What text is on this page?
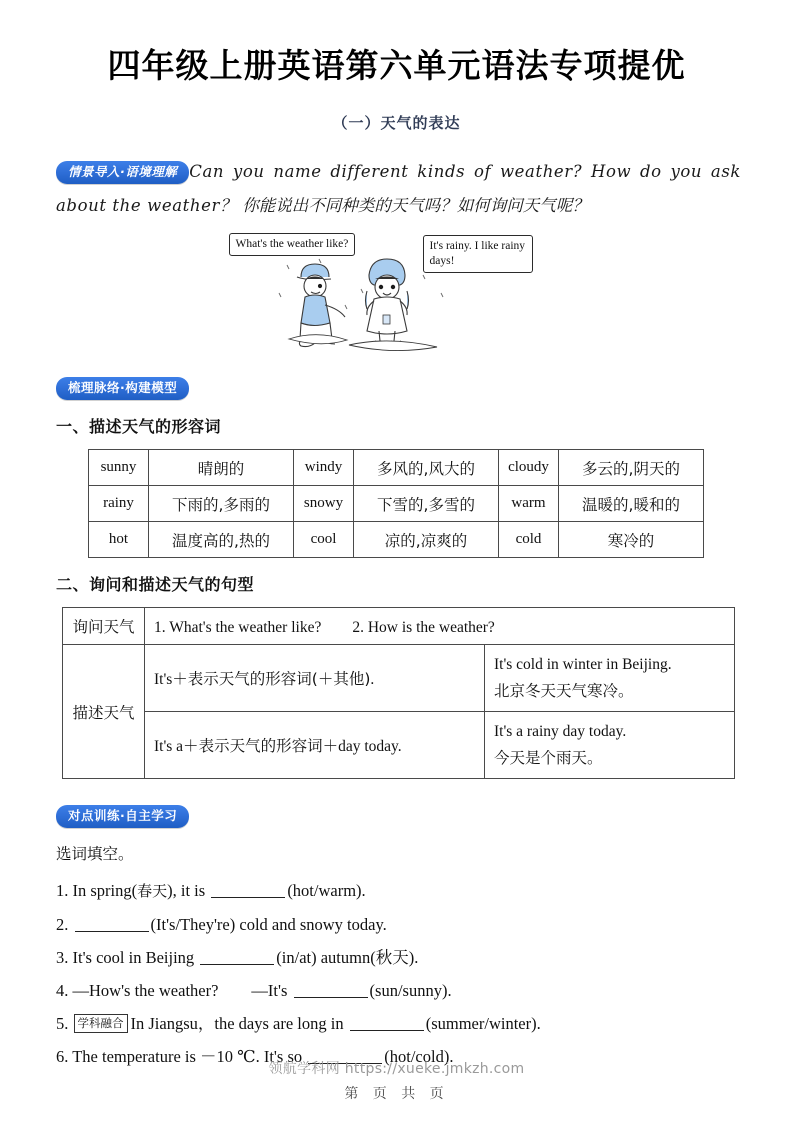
四年级上册英语第六单元语法专项提优
（一）天气的表达
情景导入·语境理解 Can you name different kinds of weather? How do you ask about the weather？ 你能说出不同种类的天气吗？如何询问天气呢？
What's the weather like?	It's rainy. I like rainy days!
梳理脉络·构建模型
一、描述天气的形容词
sunny	晴朗的	windy	多风的,风大的	cloudy	多云的,阴天的
rainy	下雨的,多雨的	snowy	下雪的,多雪的	warm	温暖的,暖和的
hot	温度高的,热的	cool	凉的,凉爽的	cold	寒冷的
二、询问和描述天气的句型
询问天气	1. What's the weather like?　　2. How is the weather?	
描述天气	It's＋表示天气的形容词(＋其他).	It's cold in winter in Beijing.
北京冬天天气寒冷。

	It's a＋表示天气的形容词＋day today.	It's a rainy day today.
今天是个雨天。
对点训练·自主学习
选词填空。
1. In spring(春天), it is	(hot/warm).
2.	(It's/They're) cold and snowy today.
3. It's cool in Beijing	(in/at) autumn(秋天).
4. —How's the weather?　　—It's	(sun/sunny).
5. 学科融合 In Jiangsu，the days are long in	(summer/winter).
6. The temperature is －10 ℃. It's so	(hot/cold).
领航学科网 https://xueke.jmkzh.com
第 页 共 页
